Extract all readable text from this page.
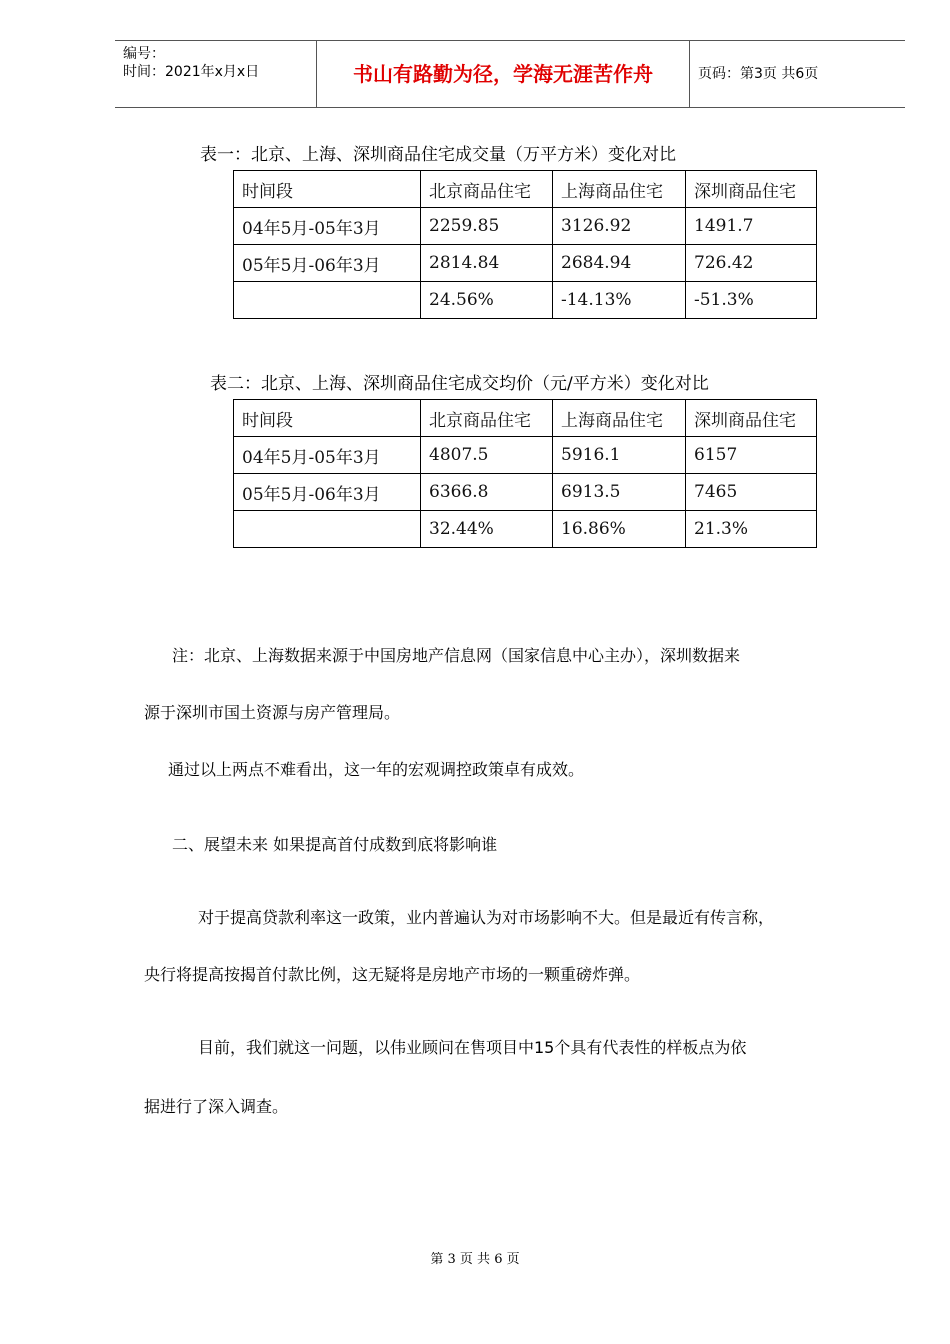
编号：
时间：2021年x月x日	书山有路勤为径，学海无涯苦作舟	页码：第3页 共6页
表一：北京、上海、深圳商品住宅成交量（万平方米）变化对比
时间段	北京商品住宅	上海商品住宅	深圳商品住宅
04年5月-05年3月	2259.85	3126.92	1491.7
05年5月-06年3月	2814.84	2684.94	726.42
	24.56%	-14.13%	-51.3%
表二：北京、上海、深圳商品住宅成交均价（元/平方米）变化对比
时间段	北京商品住宅	上海商品住宅	深圳商品住宅
04年5月-05年3月	4807.5	5916.1	6157
05年5月-06年3月	6366.8	6913.5	7465
	32.44%	16.86%	21.3%
注：北京、上海数据来源于中国房地产信息网（国家信息中心主办），深圳数据来
源于深圳市国土资源与房产管理局。
通过以上两点不难看出，这一年的宏观调控政策卓有成效。
二、展望未来 如果提高首付成数到底将影响谁
对于提高贷款利率这一政策，业内普遍认为对市场影响不大。但是最近有传言称，
央行将提高按揭首付款比例，这无疑将是房地产市场的一颗重磅炸弹。
目前，我们就这一问题，以伟业顾问在售项目中15个具有代表性的样板点为依
据进行了深入调查。
第 3 页 共 6 页
